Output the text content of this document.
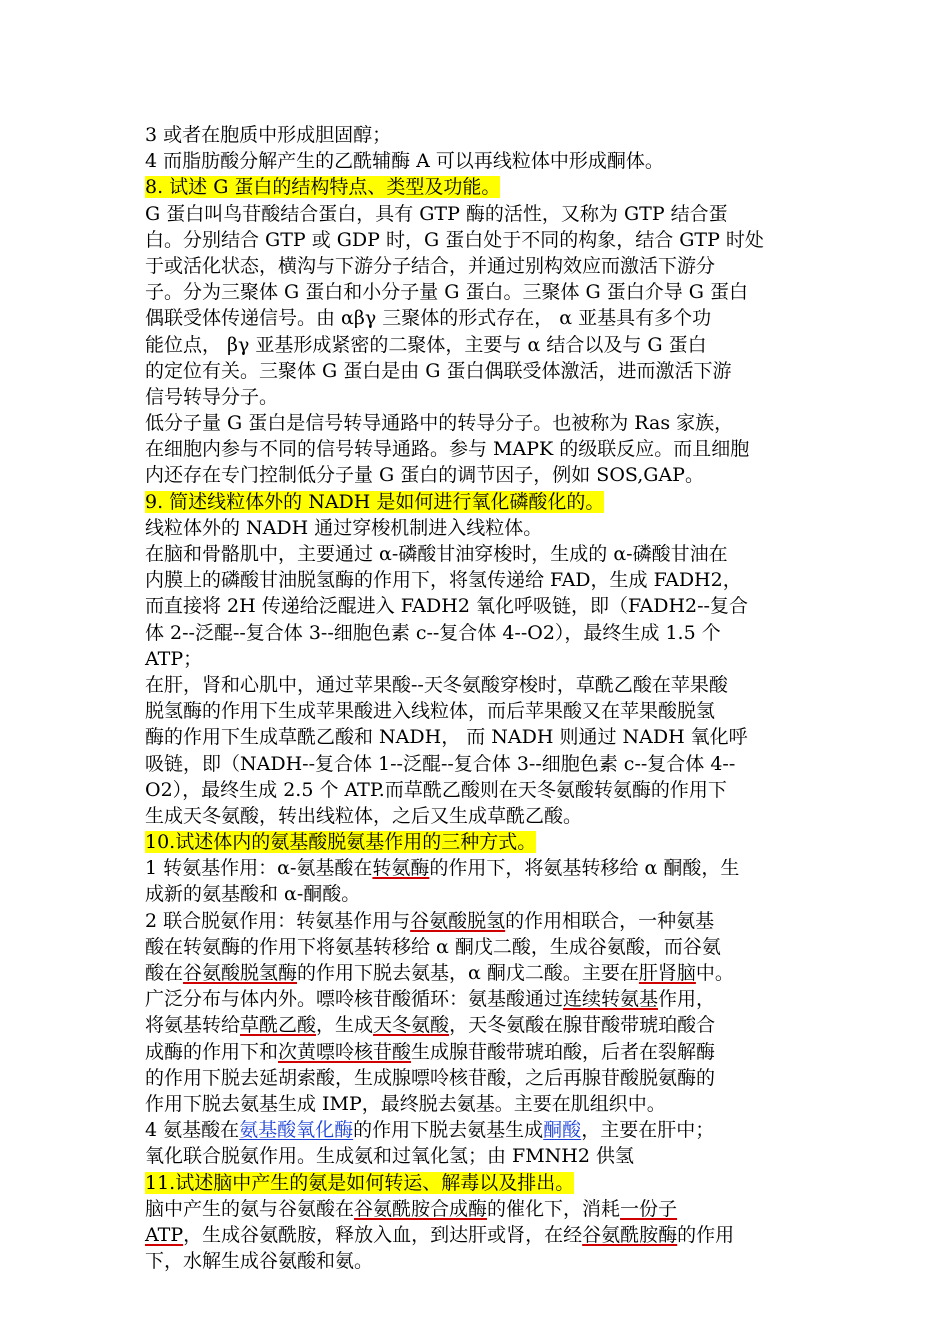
3 或者在胞质中形成胆固醇；
4 而脂肪酸分解产生的乙酰辅酶 A 可以再线粒体中形成酮体。
8. 试述 G 蛋白的结构特点、类型及功能。
G 蛋白叫鸟苷酸结合蛋白，具有 GTP 酶的活性，又称为 GTP 结合蛋
白。分别结合 GTP 或 GDP 时，G 蛋白处于不同的构象，结合 GTP 时处
于或活化状态，横沟与下游分子结合，并通过别构效应而激活下游分
子。分为三聚体 G 蛋白和小分子量 G 蛋白。三聚体 G 蛋白介导 G 蛋白
偶联受体传递信号。由 αβγ 三聚体的形式存在， α 亚基具有多个功
能位点， βγ 亚基形成紧密的二聚体，主要与 α 结合以及与 G 蛋白
的定位有关。三聚体 G 蛋白是由 G 蛋白偶联受体激活，进而激活下游
信号转导分子。
低分子量 G 蛋白是信号转导通路中的转导分子。也被称为 Ras 家族，
在细胞内参与不同的信号转导通路。参与 MAPK 的级联反应。而且细胞
内还存在专门控制低分子量 G 蛋白的调节因子，例如 SOS,GAP。
9. 简述线粒体外的 NADH 是如何进行氧化磷酸化的。
线粒体外的 NADH 通过穿梭机制进入线粒体。
在脑和骨骼肌中，主要通过 α-磷酸甘油穿梭时，生成的 α-磷酸甘油在
内膜上的磷酸甘油脱氢酶的作用下，将氢传递给 FAD，生成 FADH2，
而直接将 2H 传递给泛醌进入 FADH2 氧化呼吸链，即（FADH2--复合
体 2--泛醌--复合体 3--细胞色素 c--复合体 4--O2），最终生成 1.5 个
ATP；
在肝，肾和心肌中，通过苹果酸--天冬氨酸穿梭时，草酰乙酸在苹果酸
脱氢酶的作用下生成苹果酸进入线粒体，而后苹果酸又在苹果酸脱氢
酶的作用下生成草酰乙酸和 NADH， 而 NADH 则通过 NADH 氧化呼
吸链，即（NADH--复合体 1--泛醌--复合体 3--细胞色素 c--复合体 4--
O2），最终生成 2.5 个 ATP.而草酰乙酸则在天冬氨酸转氨酶的作用下
生成天冬氨酸，转出线粒体，之后又生成草酰乙酸。
10.试述体内的氨基酸脱氨基作用的三种方式。
1 转氨基作用：α-氨基酸在转氨酶的作用下，将氨基转移给 α 酮酸，生
成新的氨基酸和 α-酮酸。
2 联合脱氨作用：转氨基作用与谷氨酸脱氢的作用相联合，一种氨基
酸在转氨酶的作用下将氨基转移给 α 酮戊二酸，生成谷氨酸，而谷氨
酸在谷氨酸脱氢酶的作用下脱去氨基，α 酮戊二酸。主要在肝肾脑中。
广泛分布与体内外。嘌呤核苷酸循环：氨基酸通过连续转氨基作用，
将氨基转给草酰乙酸，生成天冬氨酸，天冬氨酸在腺苷酸带琥珀酸合
成酶的作用下和次黄嘌呤核苷酸生成腺苷酸带琥珀酸，后者在裂解酶
的作用下脱去延胡索酸，生成腺嘌呤核苷酸，之后再腺苷酸脱氨酶的
作用下脱去氨基生成 IMP，最终脱去氨基。主要在肌组织中。
4 氨基酸在氨基酸氧化酶的作用下脱去氨基生成酮酸，主要在肝中；
氧化联合脱氨作用。生成氨和过氧化氢；由 FMNH2 供氢
11.试述脑中产生的氨是如何转运、解毒以及排出。
脑中产生的氨与谷氨酸在谷氨酰胺合成酶的催化下，消耗一份子
ATP，生成谷氨酰胺，释放入血，到达肝或肾，在经谷氨酰胺酶的作用
下，水解生成谷氨酸和氨。
